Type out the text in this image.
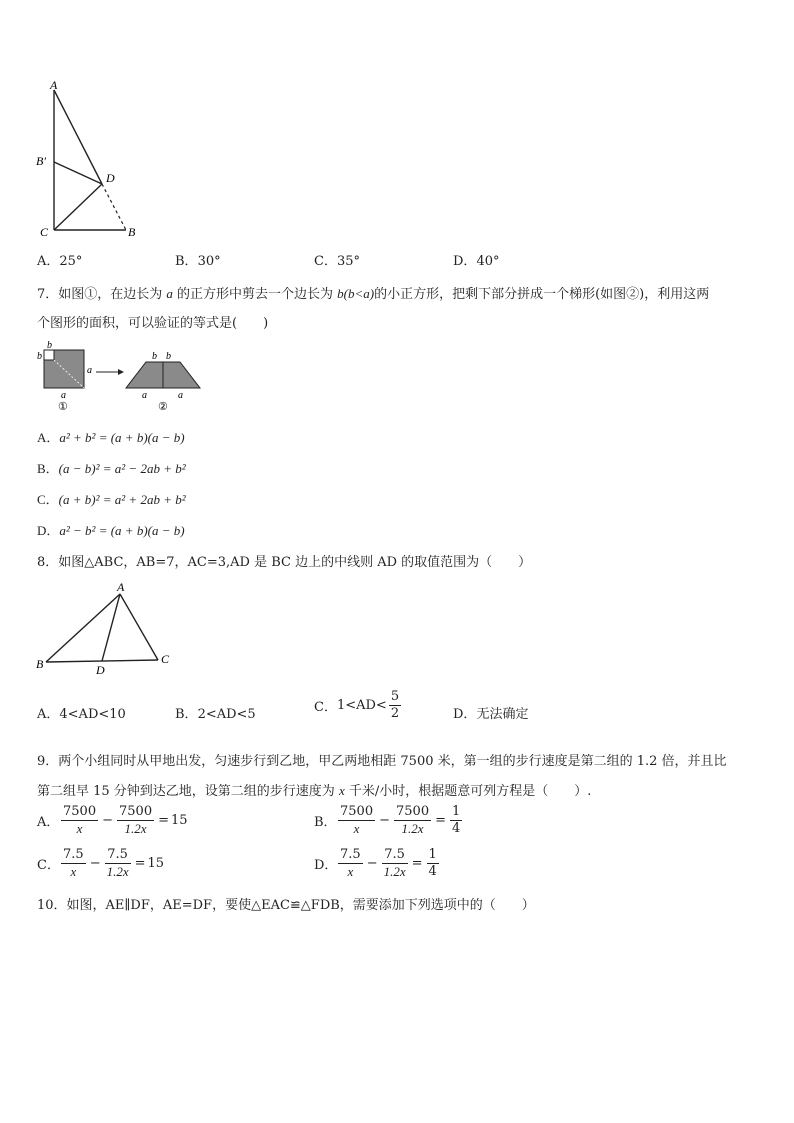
A
B′
D
C	B
A．25°	B．30°	C．35°	D．40°
7．如图①，在边长为 a 的正方形中剪去一个边长为 b(b<a)的小正方形，把剩下部分拼成一个梯形(如图②)，利用这两
个图形的面积，可以验证的等式是(　　)
b
b
a
a
①
b b
a	a
②
A．a² + b² = (a + b)(a − b)
B．(a − b)² = a² − 2ab + b²
C．(a + b)² = a² + 2ab + b²
D．a² − b² = (a + b)(a − b)
8．如图△ABC，AB=7，AC=3,AD 是 BC 边上的中线则 AD 的取值范围为（　　）
A
B	D
C
A．4<AD<10	B．2<AD<5	C． $1<AD< \frac{5}{2}$	D．无法确定
9．两个小组同时从甲地出发，匀速步行到乙地，甲乙两地相距 7500 米，第一组的步行速度是第二组的 1.2 倍，并且比
第二组早 15 分钟到达乙地，设第二组的步行速度为 x 千米/小时，根据题意可列方程是（　　）.
A． $\frac{7500}{x} - \frac{7500}{1.2x} = 15$	B． $\frac{7500}{x} - \frac{7500}{1.2x} = \frac{1}{4}$
C． $\frac{7.5}{x} - \frac{7.5}{1.2x} = 15$	D． $\frac{7.5}{x} - \frac{7.5}{1.2x} = \frac{1}{4}$
10．如图，AE∥DF，AE=DF，要使△EAC≌△FDB，需要添加下列选项中的（　　）
